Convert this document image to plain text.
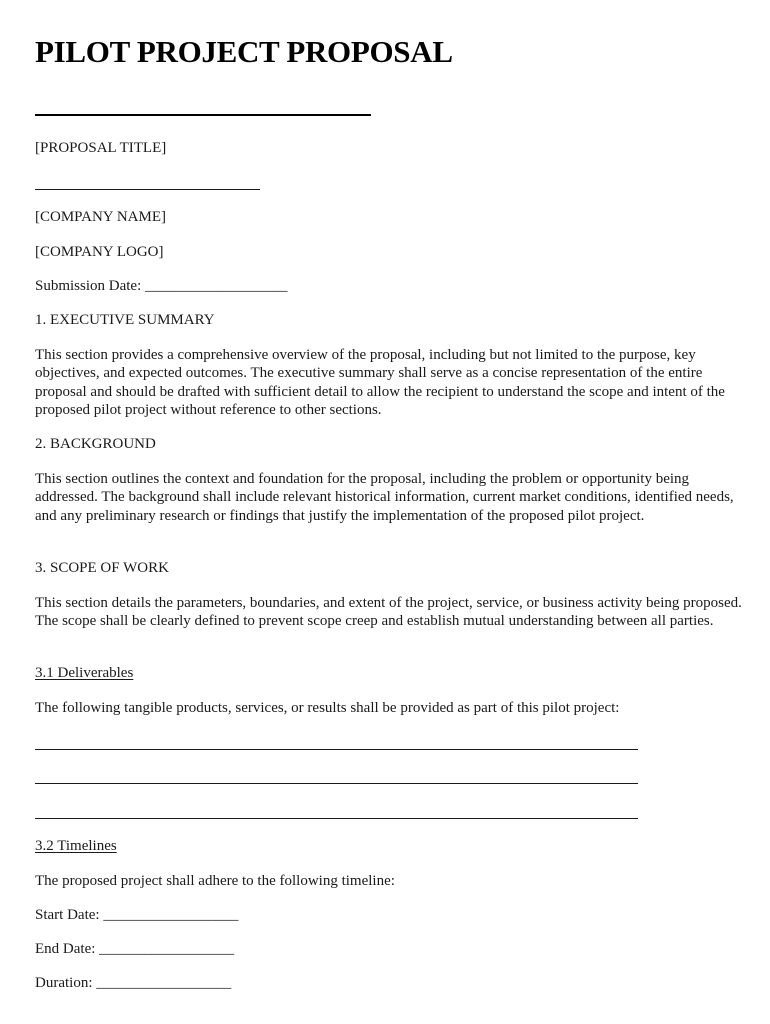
PILOT PROJECT PROPOSAL

[PROPOSAL TITLE]

[COMPANY NAME]

[COMPANY LOGO]

Submission Date: ___________________

1. EXECUTIVE SUMMARY

This section provides a comprehensive overview of the proposal, including but not limited to the purpose, key objectives, and expected outcomes. The executive summary shall serve as a concise representation of the entire proposal and should be drafted with sufficient detail to allow the recipient to understand the scope and intent of the proposed pilot project without reference to other sections.

2. BACKGROUND

This section outlines the context and foundation for the proposal, including the problem or opportunity being addressed. The background shall include relevant historical information, current market conditions, identified needs, and any preliminary research or findings that justify the implementation of the proposed pilot project.

3. SCOPE OF WORK

This section details the parameters, boundaries, and extent of the project, service, or business activity being proposed. The scope shall be clearly defined to prevent scope creep and establish mutual understanding between all parties.

3.1 Deliverables

The following tangible products, services, or results shall be provided as part of this pilot project:

3.2 Timelines

The proposed project shall adhere to the following timeline:

Start Date: __________________

End Date: __________________

Duration: __________________
